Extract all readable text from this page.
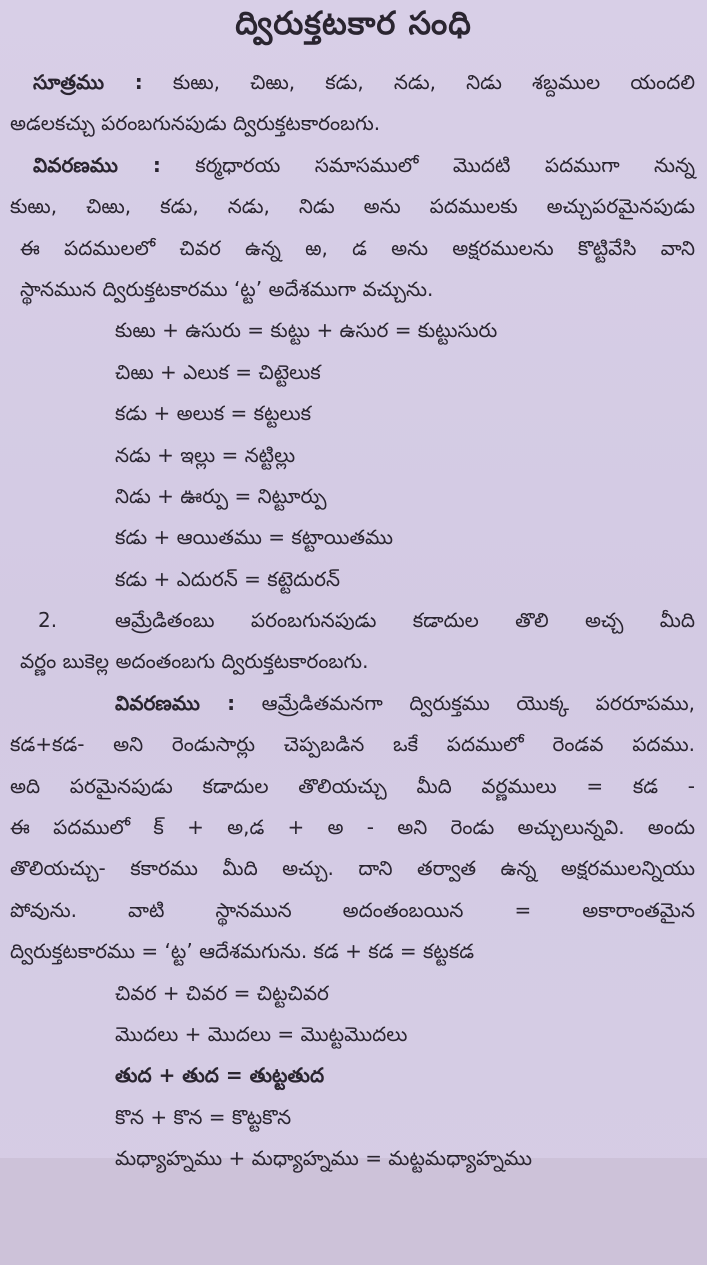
ద్విరుక్తటకార సంధి
సూత్రము : కుఱు, చిఱు, కడు, నడు, నిడు శబ్దముల యందలి
అడలకచ్చు పరంబగునపుడు ద్విరుక్తటకారంబగు.
వివరణము : కర్మధారయ సమాసములో మొదటి పదముగా నున్న
కుఱు, చిఱు, కడు, నడు, నిడు అను పదములకు అచ్చుపరమైనపుడు
ఈ పదములలో చివర ఉన్న ఱ, డ అను అక్షరములను కొట్టివేసి వాని
స్థానమున ద్విరుక్తటకారము ‘ట్ట’ అదేశముగా వచ్చును.
కుఱు + ఉసురు = కుట్టు + ఉసుర = కుట్టుసురు
చిఱు + ఎలుక = చిట్టెలుక
కడు + అలుక = కట్టలుక
నడు + ఇల్లు = నట్టిల్లు
నిడు + ఊర్పు = నిట్టూర్పు
కడు + ఆయితము = కట్టాయితము
కడు + ఎదురన్ = కట్టెదురన్
2.	ఆమ్రేడితంబు పరంబగునపుడు కడాదుల తొలి అచ్చ మీది
వర్ణం బుకెల్ల అదంతంబగు ద్విరుక్తటకారంబగు.
వివరణము : ఆమ్రేడితమనగా ద్విరుక్తము యొక్క పరరూపము,
కడ+కడ- అని రెండుసార్లు చెప్పబడిన ఒకే పదములో రెండవ పదము.
అది పరమైనపుడు కడాదుల తొలియచ్చు మీది వర్ణములు = కడ -
ఈ పదములో క్ + అ,డ + అ - అని రెండు అచ్చులున్నవి. అందు
తొలియచ్చు- కకారము మీది అచ్చు. దాని తర్వాత ఉన్న అక్షరములన్నియు
పోవును. వాటి స్థానమున అదంతంబయిన = అకారాంతమైన
ద్విరుక్తటకారము = ‘ట్ట’ ఆదేశమగును. కడ + కడ = కట్టకడ
చివర + చివర = చిట్టచివర
మొదలు + మొదలు = మొట్టమొదలు
తుద + తుద = తుట్టతుద
కొన + కొన = కొట్టకొన
మధ్యాహ్నము + మధ్యాహ్నము = మట్టమధ్యాహ్నము
